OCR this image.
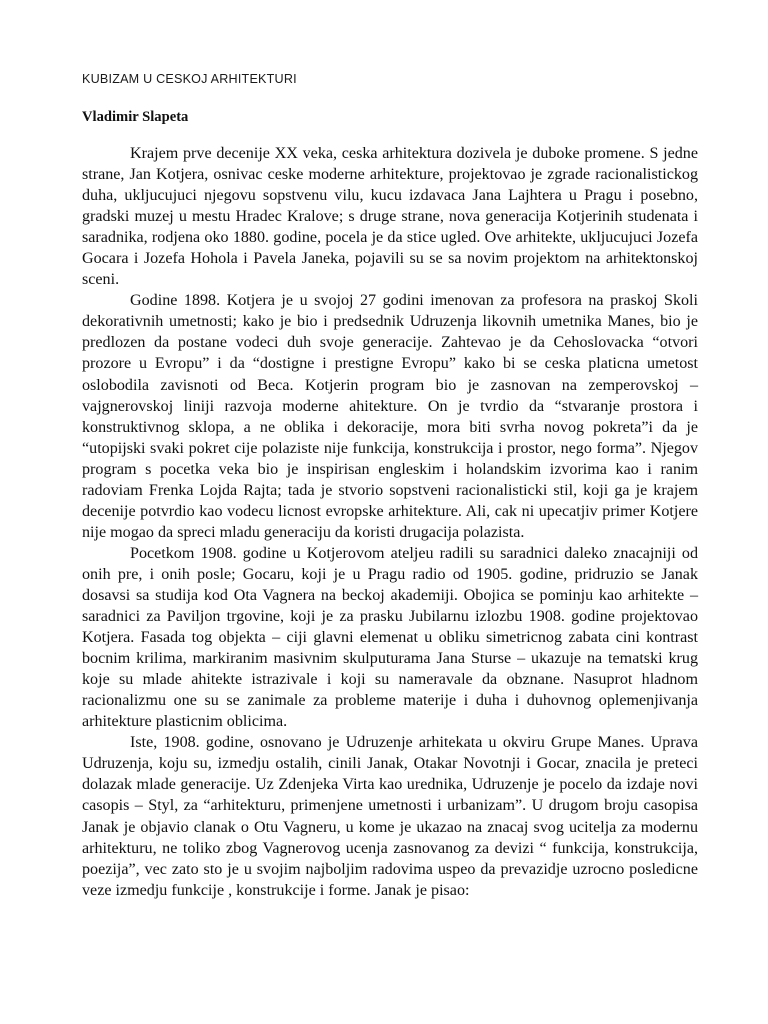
KUBIZAM U CESKOJ ARHITEKTURI

Vladimir Slapeta

Krajem prve decenije XX veka, ceska arhitektura dozivela je duboke promene. S jedne strane, Jan Kotjera, osnivac ceske moderne arhitekture, projektovao je zgrade racionalistickog duha, ukljucujuci njegovu sopstvenu vilu, kucu izdavaca Jana Lajhtera u Pragu i posebno, gradski muzej u mestu Hradec Kralove; s druge strane, nova generacija Kotjerinih studenata i saradnika, rodjena oko 1880. godine, pocela je da stice ugled. Ove arhitekte, ukljucujuci Jozefa Gocara i Jozefa Hohola i Pavela Janeka, pojavili su se sa novim projektom na arhitektonskoj sceni.

Godine 1898. Kotjera je u svojoj 27 godini imenovan za profesora na praskoj Skoli dekorativnih umetnosti; kako je bio i predsednik Udruzenja likovnih umetnika Manes, bio je predlozen da postane vodeci duh svoje generacije. Zahtevao je da Cehoslovacka “otvori prozore u Evropu” i da “dostigne i prestigne Evropu” kako bi se ceska platicna umetost oslobodila zavisnoti od Beca. Kotjerin program bio je zasnovan na zemperovskoj – vajgnerovskoj liniji razvoja moderne ahitekture. On je tvrdio da “stvaranje prostora i konstruktivnog sklopa, a ne oblika i dekoracije, mora biti svrha novog pokreta”i da je “utopijski svaki pokret cije polaziste nije funkcija, konstrukcija i prostor, nego forma”. Njegov program s pocetka veka bio je inspirisan engleskim i holandskim izvorima kao i ranim radoviam Frenka Lojda Rajta; tada je stvorio sopstveni racionalisticki stil, koji ga je krajem decenije potvrdio kao vodecu licnost evropske arhitekture. Ali, cak ni upecatjiv primer Kotjere nije mogao da spreci mladu generaciju da koristi drugacija polazista.

Pocetkom 1908. godine u Kotjerovom ateljeu radili su saradnici daleko znacajniji od onih pre, i onih posle; Gocaru, koji je u Pragu radio od 1905. godine, pridruzio se Janak dosavsi sa studija kod Ota Vagnera na beckoj akademiji. Obojica se pominju kao arhitekte – saradnici za Paviljon trgovine, koji je za prasku Jubilarnu izlozbu 1908. godine projektovao Kotjera. Fasada tog objekta – ciji glavni elemenat u obliku simetricnog zabata cini kontrast bocnim krilima, markiranim masivnim skulputurama Jana Sturse – ukazuje na tematski krug koje su mlade ahitekte istrazivale i koji su nameravale da obznane. Nasuprot hladnom racionalizmu one su se zanimale za probleme materije i duha i duhovnog oplemenjivanja arhitekture plasticnim oblicima.

Iste, 1908. godine, osnovano je Udruzenje arhitekata u okviru Grupe Manes. Uprava Udruzenja, koju su, izmedju ostalih, cinili Janak, Otakar Novotnji i Gocar, znacila je preteci dolazak mlade generacije. Uz Zdenjeka Virta kao urednika, Udruzenje je pocelo da izdaje novi casopis – Styl, za “arhitekturu, primenjene umetnosti i urbanizam”. U drugom broju casopisa Janak je objavio clanak o Otu Vagneru, u kome je ukazao na znacaj svog ucitelja za modernu arhitekturu, ne toliko zbog Vagnerovog ucenja zasnovanog za devizi “ funkcija, konstrukcija, poezija”, vec zato sto je u svojim najboljim radovima uspeo da prevazidje uzrocno posledicne veze izmedju funkcije , konstrukcije i forme. Janak je pisao:
